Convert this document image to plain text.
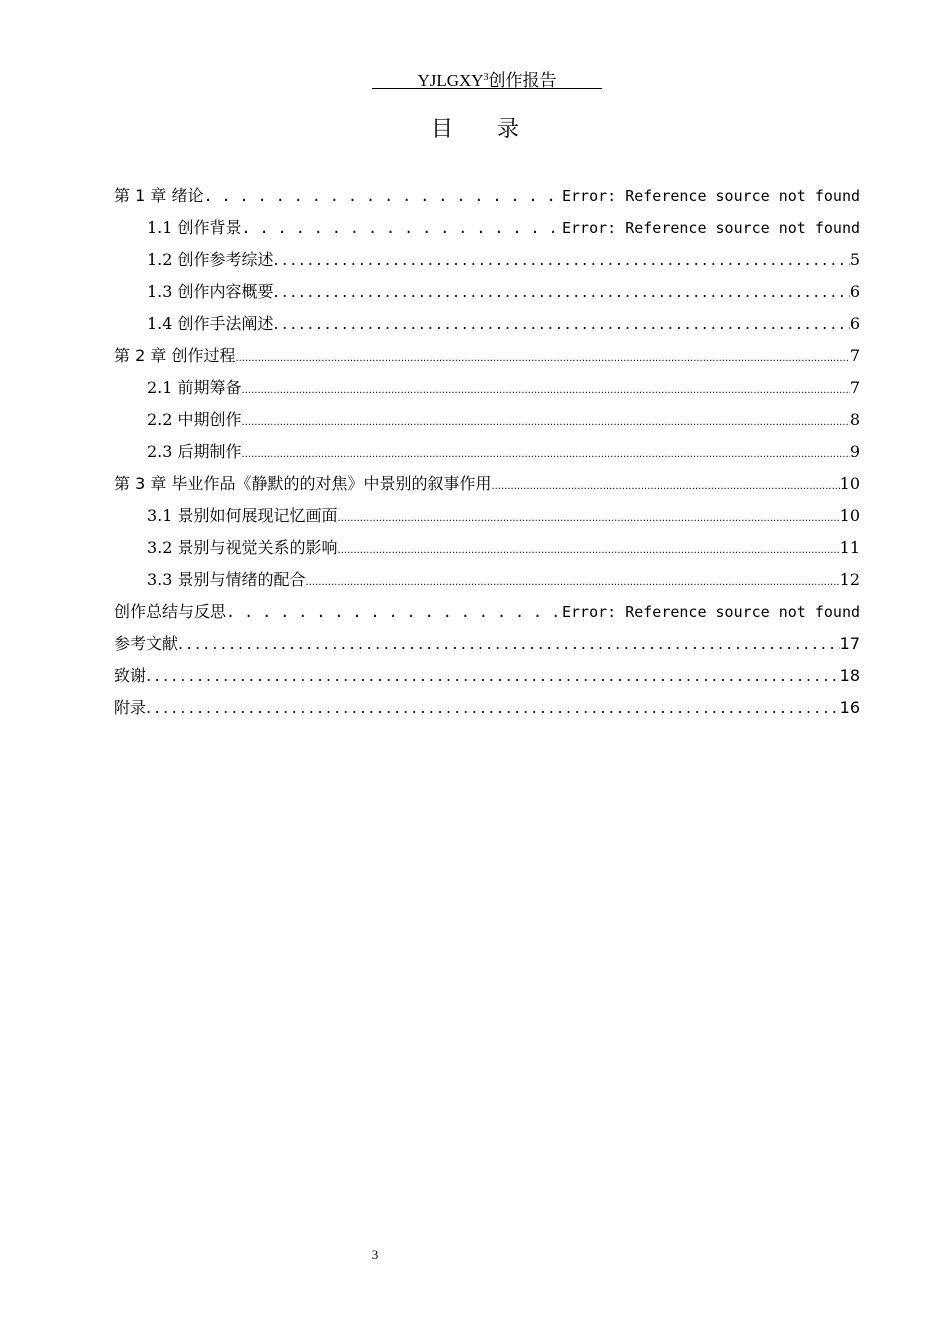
YJLGXY$^3$创作报告
目录
第 1 章 绪论 . . .	Error: Reference source not found
1.1 创作背景 . . .	Error: Reference source not found
1.2 创作参考综述 . . .	5
1.3 创作内容概要 . . .	6
1.4 创作手法阐述 . . .	6
第 2 章 创作过程 .....	7
2.1 前期筹备 .....	7
2.2 中期创作 .....	8
2.3 后期制作 .....	9
第 3 章 毕业作品《静默的的对焦》中景别的叙事作用 .....	10
3.1 景别如何展现记忆画面 .....	10
3.2 景别与视觉关系的影响 .....	11
3.3 景别与情绪的配合 .....	12
创作总结与反思 . . .	Error: Reference source not found
参考文献 . . .	17
致谢 . . .	18
附录 . . .	16
3
